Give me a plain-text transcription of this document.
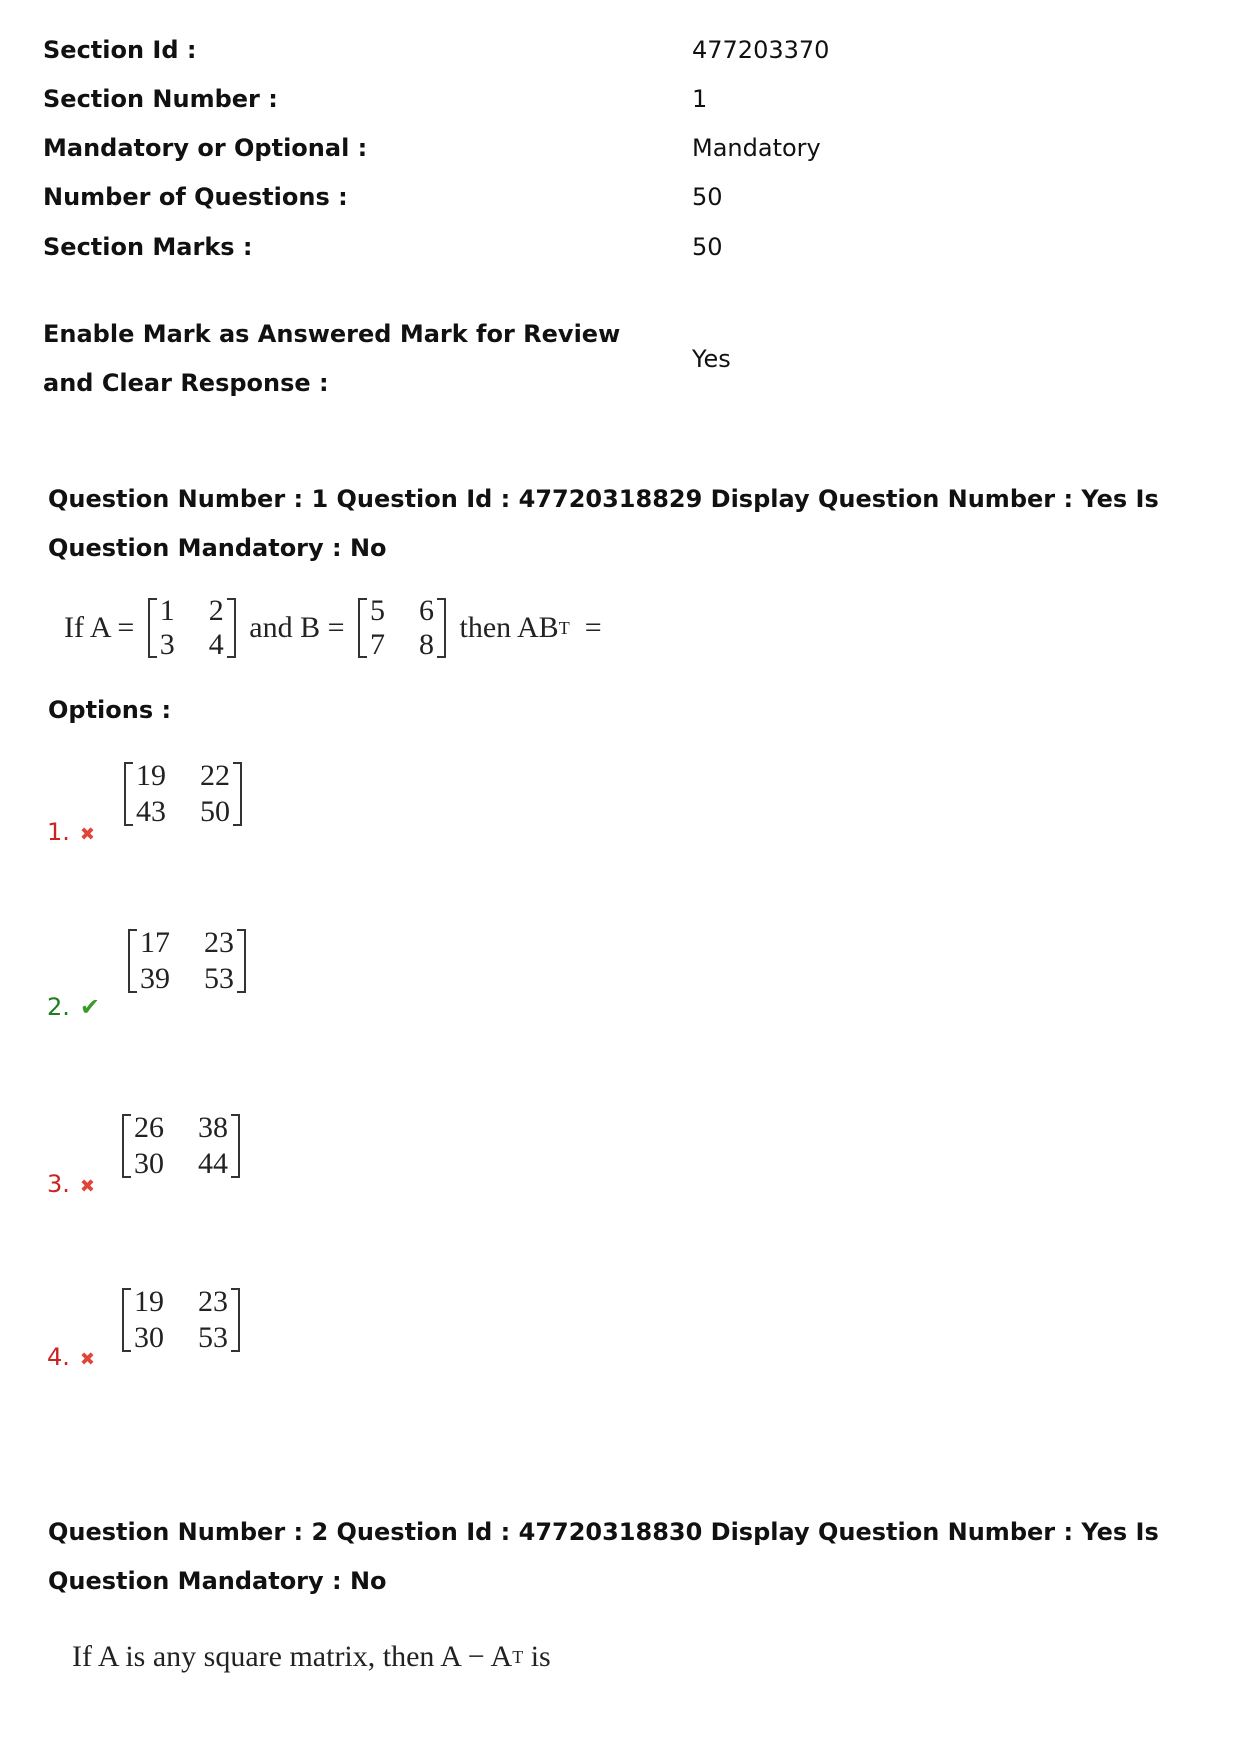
Section Id :	477203370
Section Number :	1
Mandatory or Optional :	Mandatory
Number of Questions :	50
Section Marks :	50
Enable Mark as Answered Mark for Review and Clear Response :
Yes
Question Number : 1 Question Id : 47720318829 Display Question Number : Yes Is Question Mandatory : No
If A =
1	2
3	4
and B =
5	6
7	8
then AB T =
Options :
19	22
43	50
1. ✖
17	23
39	53
2. ✔
26	38
30	44
3. ✖
19	23
30	53
4. ✖
Question Number : 2 Question Id : 47720318830 Display Question Number : Yes Is Question Mandatory : No
If A is any square matrix, then A − A T is
